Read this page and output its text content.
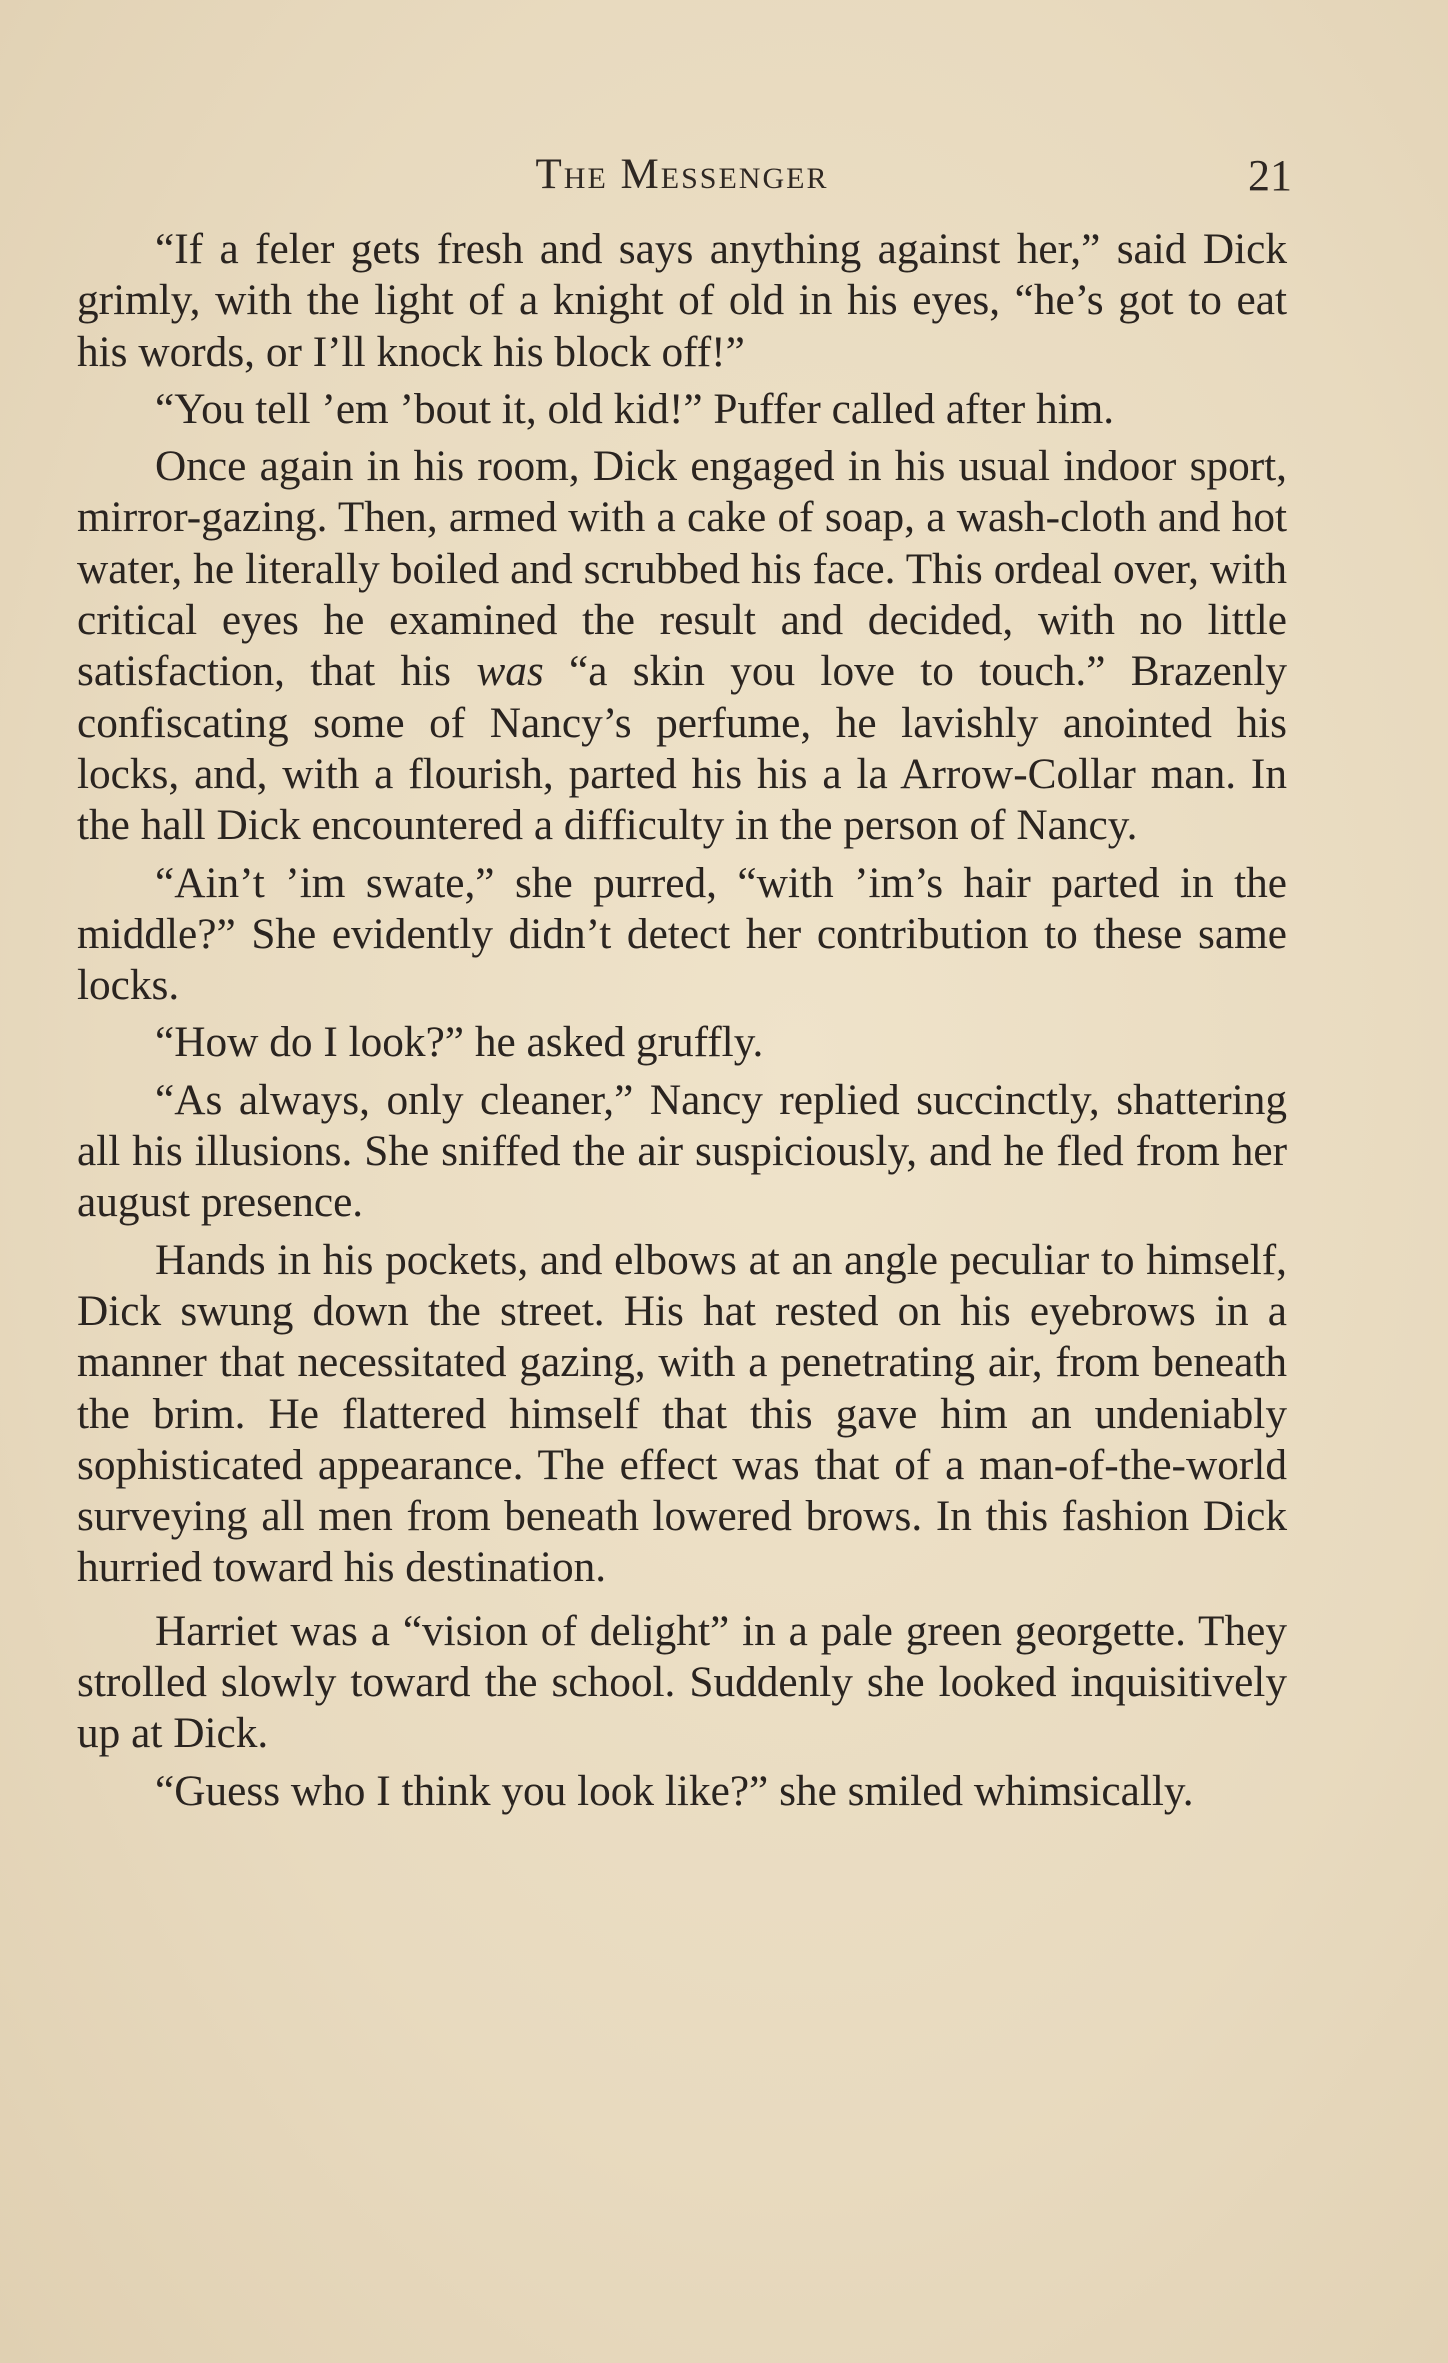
The Messenger	21

“If a feler gets fresh and says anything against her,” said Dick grimly, with the light of a knight of old in his eyes, “he’s got to eat his words, or I’ll knock his block off!”

“You tell ’em ’bout it, old kid!” Puffer called after him.

Once again in his room, Dick engaged in his usual indoor sport, mirror-gazing. Then, armed with a cake of soap, a wash-cloth and hot water, he literally boiled and scrubbed his face. This ordeal over, with critical eyes he examined the result and decided, with no little satisfaction, that his was “a skin you love to touch.” Brazenly confiscating some of Nancy’s perfume, he lavishly anointed his locks, and, with a flourish, parted his his a la Arrow-Collar man. In the hall Dick encountered a difficulty in the person of Nancy.

“Ain’t ’im swate,” she purred, “with ’im’s hair parted in the middle?” She evidently didn’t detect her contribution to these same locks.

“How do I look?” he asked gruffly.

“As always, only cleaner,” Nancy replied succinctly, shattering all his illusions. She sniffed the air suspiciously, and he fled from her august presence.

Hands in his pockets, and elbows at an angle peculiar to himself, Dick swung down the street. His hat rested on his eyebrows in a manner that necessitated gazing, with a penetrating air, from beneath the brim. He flattered himself that this gave him an undeniably sophisticated appearance. The effect was that of a man-of-the-world surveying all men from beneath lowered brows. In this fashion Dick hurried toward his destination.

Harriet was a “vision of delight” in a pale green georgette. They strolled slowly toward the school. Suddenly she looked inquisitively up at Dick.

“Guess who I think you look like?” she smiled whimsically.
